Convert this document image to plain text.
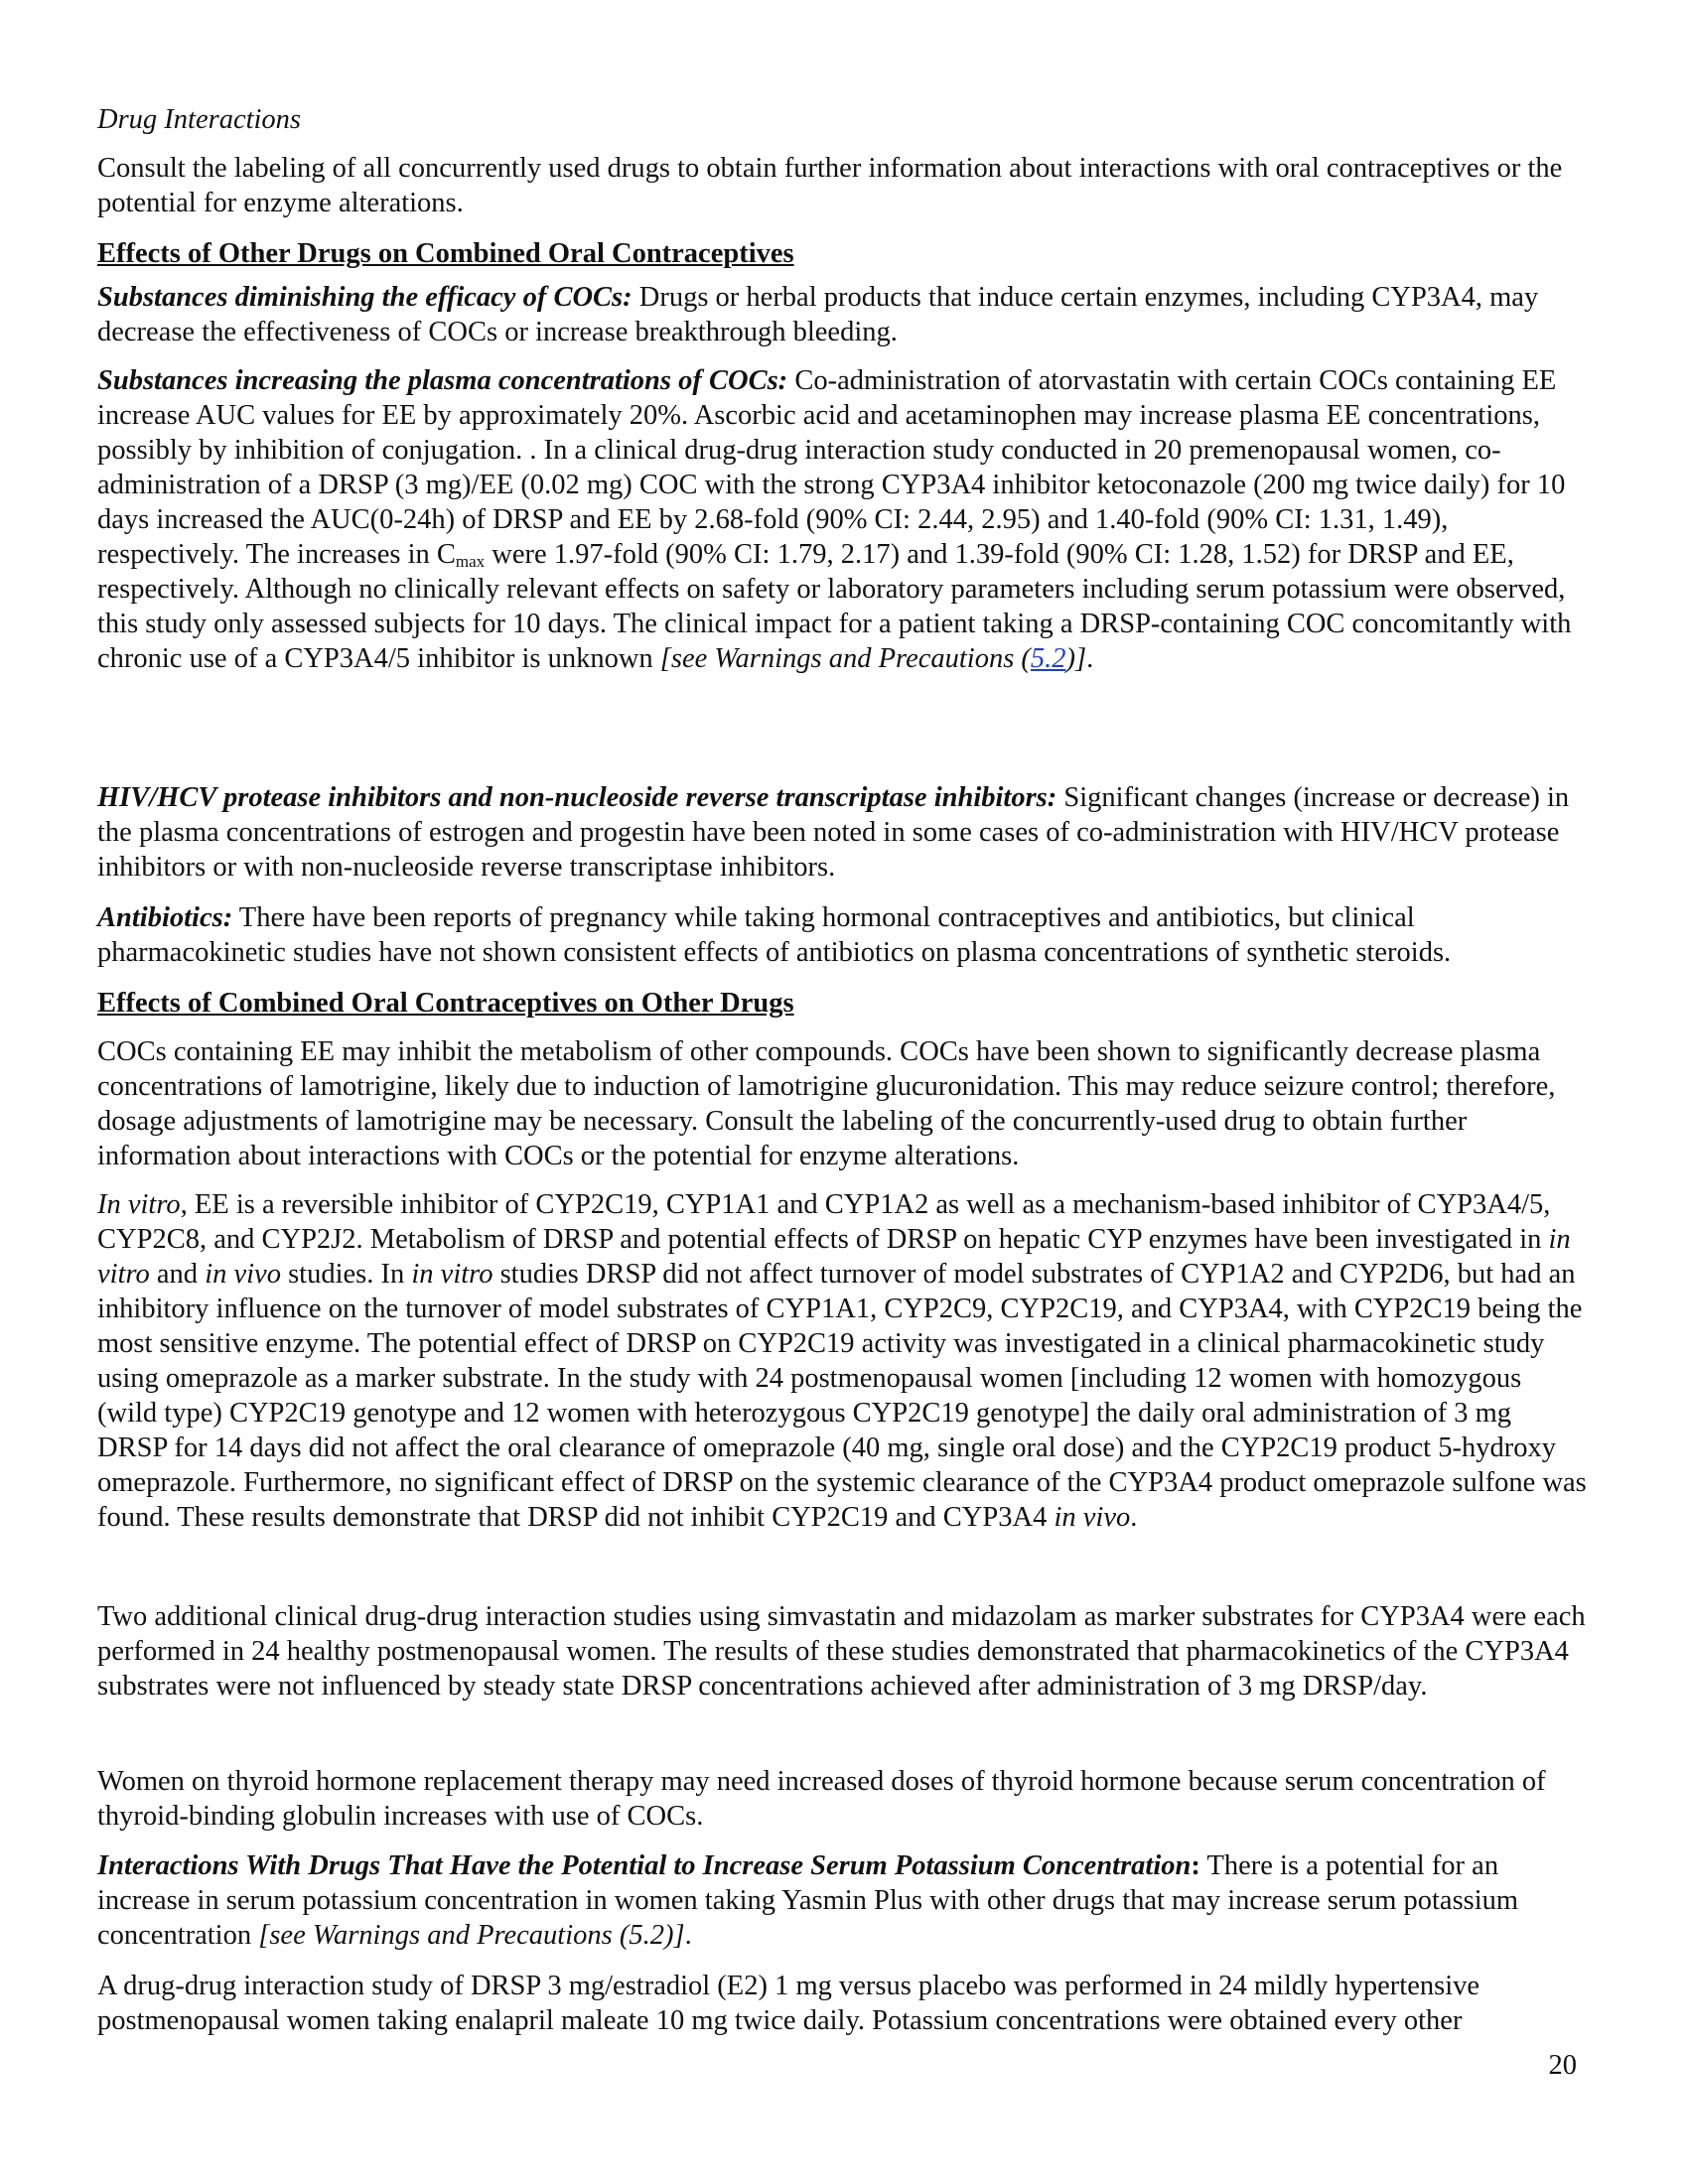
Drug Interactions

Consult the labeling of all concurrently used drugs to obtain further information about interactions with oral contraceptives or the potential for enzyme alterations.

Effects of Other Drugs on Combined Oral Contraceptives

Substances diminishing the efficacy of COCs: Drugs or herbal products that induce certain enzymes, including CYP3A4, may decrease the effectiveness of COCs or increase breakthrough bleeding.

Substances increasing the plasma concentrations of COCs: Co-administration of atorvastatin with certain COCs containing EE increase AUC values for EE by approximately 20%. Ascorbic acid and acetaminophen may increase plasma EE concentrations, possibly by inhibition of conjugation. . In a clinical drug-drug interaction study conducted in 20 premenopausal women, co-administration of a DRSP (3 mg)/EE (0.02 mg) COC with the strong CYP3A4 inhibitor ketoconazole (200 mg twice daily) for 10 days increased the AUC(0-24h) of DRSP and EE by 2.68-fold (90% CI: 2.44, 2.95) and 1.40-fold (90% CI: 1.31, 1.49), respectively. The increases in $C_{max}$ were 1.97-fold (90% CI: 1.79, 2.17) and 1.39-fold (90% CI: 1.28, 1.52) for DRSP and EE, respectively. Although no clinically relevant effects on safety or laboratory parameters including serum potassium were observed, this study only assessed subjects for 10 days. The clinical impact for a patient taking a DRSP-containing COC concomitantly with chronic use of a CYP3A4/5 inhibitor is unknown [see Warnings and Precautions (5.2)].

HIV/HCV protease inhibitors and non-nucleoside reverse transcriptase inhibitors: Significant changes (increase or decrease) in the plasma concentrations of estrogen and progestin have been noted in some cases of co-administration with HIV/HCV protease inhibitors or with non-nucleoside reverse transcriptase inhibitors.

Antibiotics: There have been reports of pregnancy while taking hormonal contraceptives and antibiotics, but clinical pharmacokinetic studies have not shown consistent effects of antibiotics on plasma concentrations of synthetic steroids.

Effects of Combined Oral Contraceptives on Other Drugs

COCs containing EE may inhibit the metabolism of other compounds. COCs have been shown to significantly decrease plasma concentrations of lamotrigine, likely due to induction of lamotrigine glucuronidation. This may reduce seizure control; therefore, dosage adjustments of lamotrigine may be necessary. Consult the labeling of the concurrently-used drug to obtain further information about interactions with COCs or the potential for enzyme alterations.

In vitro, EE is a reversible inhibitor of CYP2C19, CYP1A1 and CYP1A2 as well as a mechanism-based inhibitor of CYP3A4/5, CYP2C8, and CYP2J2. Metabolism of DRSP and potential effects of DRSP on hepatic CYP enzymes have been investigated in in vitro and in vivo studies. In in vitro studies DRSP did not affect turnover of model substrates of CYP1A2 and CYP2D6, but had an inhibitory influence on the turnover of model substrates of CYP1A1, CYP2C9, CYP2C19, and CYP3A4, with CYP2C19 being the most sensitive enzyme. The potential effect of DRSP on CYP2C19 activity was investigated in a clinical pharmacokinetic study using omeprazole as a marker substrate. In the study with 24 postmenopausal women [including 12 women with homozygous (wild type) CYP2C19 genotype and 12 women with heterozygous CYP2C19 genotype] the daily oral administration of 3 mg DRSP for 14 days did not affect the oral clearance of omeprazole (40 mg, single oral dose) and the CYP2C19 product 5-hydroxy omeprazole. Furthermore, no significant effect of DRSP on the systemic clearance of the CYP3A4 product omeprazole sulfone was found. These results demonstrate that DRSP did not inhibit CYP2C19 and CYP3A4 in vivo.

Two additional clinical drug-drug interaction studies using simvastatin and midazolam as marker substrates for CYP3A4 were each performed in 24 healthy postmenopausal women. The results of these studies demonstrated that pharmacokinetics of the CYP3A4 substrates were not influenced by steady state DRSP concentrations achieved after administration of 3 mg DRSP/day.

Women on thyroid hormone replacement therapy may need increased doses of thyroid hormone because serum concentration of thyroid-binding globulin increases with use of COCs.

Interactions With Drugs That Have the Potential to Increase Serum Potassium Concentration: There is a potential for an increase in serum potassium concentration in women taking Yasmin Plus with other drugs that may increase serum potassium concentration [see Warnings and Precautions (5.2)].

A drug-drug interaction study of DRSP 3 mg/estradiol (E2) 1 mg versus placebo was performed in 24 mildly hypertensive postmenopausal women taking enalapril maleate 10 mg twice daily. Potassium concentrations were obtained every other

20
